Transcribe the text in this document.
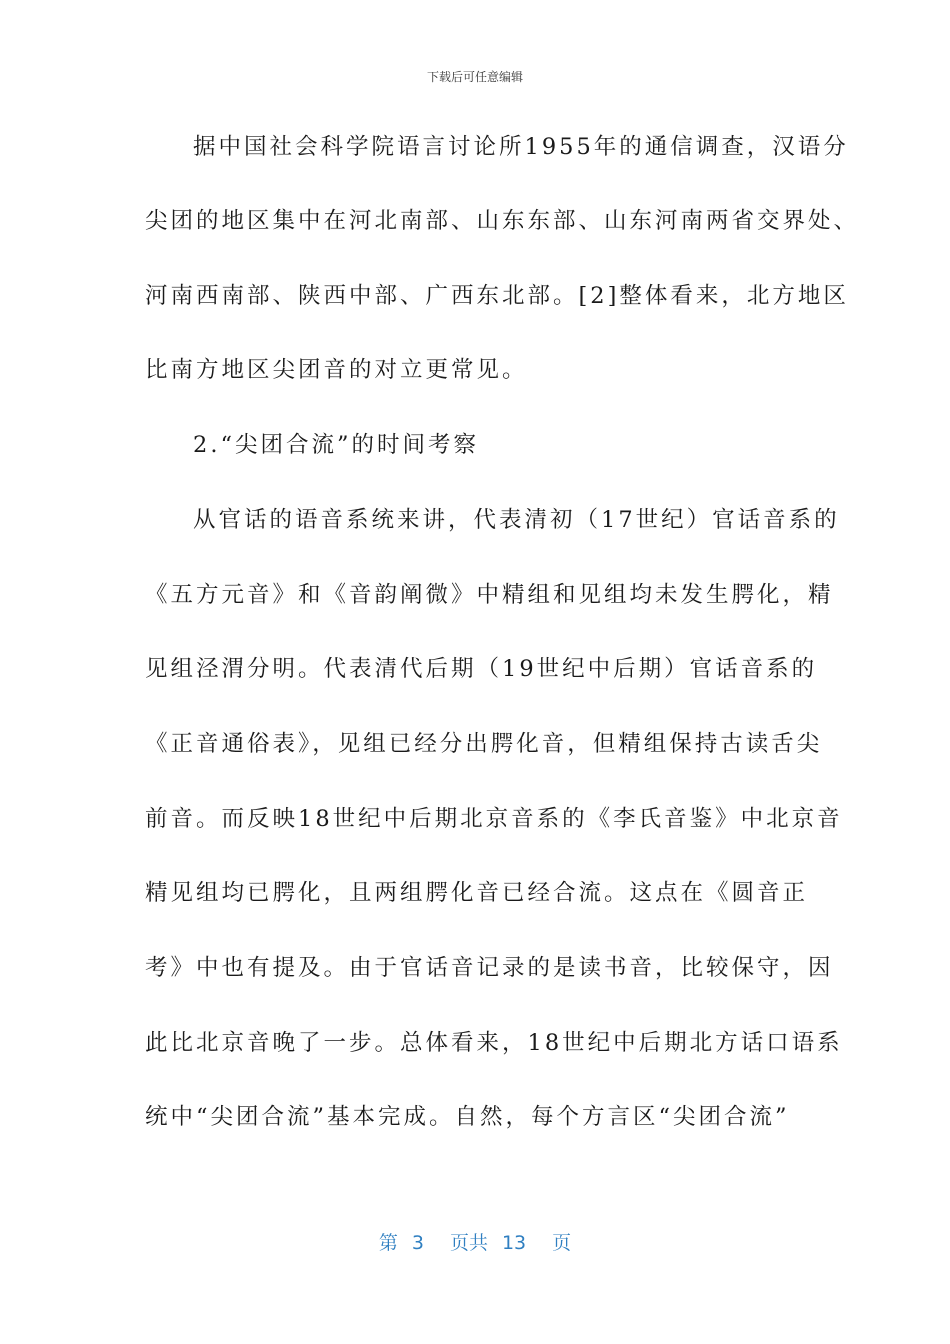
下载后可任意编辑
据中国社会科学院语言讨论所1955年的通信调查，汉语分
尖团的地区集中在河北南部、山东东部、山东河南两省交界处、
河南西南部、陕西中部、广西东北部。[2]整体看来，北方地区
比南方地区尖团音的对立更常见。
2.“尖团合流”的时间考察
从官话的语音系统来讲，代表清初（17世纪）官话音系的
《五方元音》和《音韵阐微》中精组和见组均未发生腭化，精
见组泾渭分明。代表清代后期（19世纪中后期）官话音系的
《正音通俗表》，见组已经分出腭化音，但精组保持古读舌尖
前音。而反映18世纪中后期北京音系的《李氏音鉴》中北京音
精见组均已腭化，且两组腭化音已经合流。这点在《圆音正
考》中也有提及。由于官话音记录的是读书音，比较保守，因
此比北京音晚了一步。总体看来，18世纪中后期北方话口语系
统中“尖团合流”基本完成。自然，每个方言区“尖团合流”
第 3 页共 13 页
